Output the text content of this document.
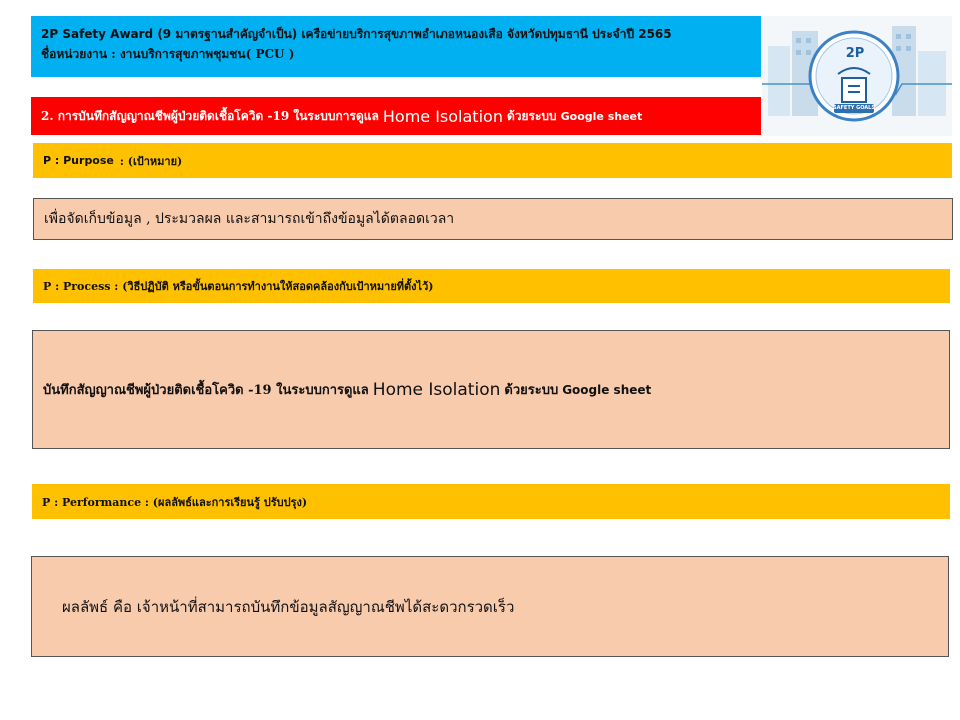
2P Safety Award (9 มาตรฐานสำคัญจำเป็น) เครือข่ายบริการสุขภาพอำเภอหนองเสือ จังหวัดปทุมธานี ประจำปี 2565
ชื่อหน่วยงาน : งานบริการสุขภาพชุมชน( PCU )
2. การบันทึกสัญญาณชีพผู้ป่วยติดเชื้อโควิด -19 ในระบบการดูแล Home Isolation ด้วยระบบ Google sheet
2P
SAFETY GOALS
P : Purpose : (เป้าหมาย)
เพื่อจัดเก็บข้อมูล , ประมวลผล และสามารถเข้าถึงข้อมูลได้ตลอดเวลา
P : Process : (วิธีปฏิบัติ หรือขั้นตอนการทำงานให้สอดคล้องกับเป้าหมายที่ตั้งไว้)
บันทึกสัญญาณชีพผู้ป่วยติดเชื้อโควิด -19 ในระบบการดูแล Home Isolation ด้วยระบบ Google sheet
P : Performance : (ผลลัพธ์และการเรียนรู้ ปรับปรุง)
ผลลัพธ์ คือ เจ้าหน้าที่สามารถบันทึกข้อมูลสัญญาณชีพได้สะดวกรวดเร็ว
